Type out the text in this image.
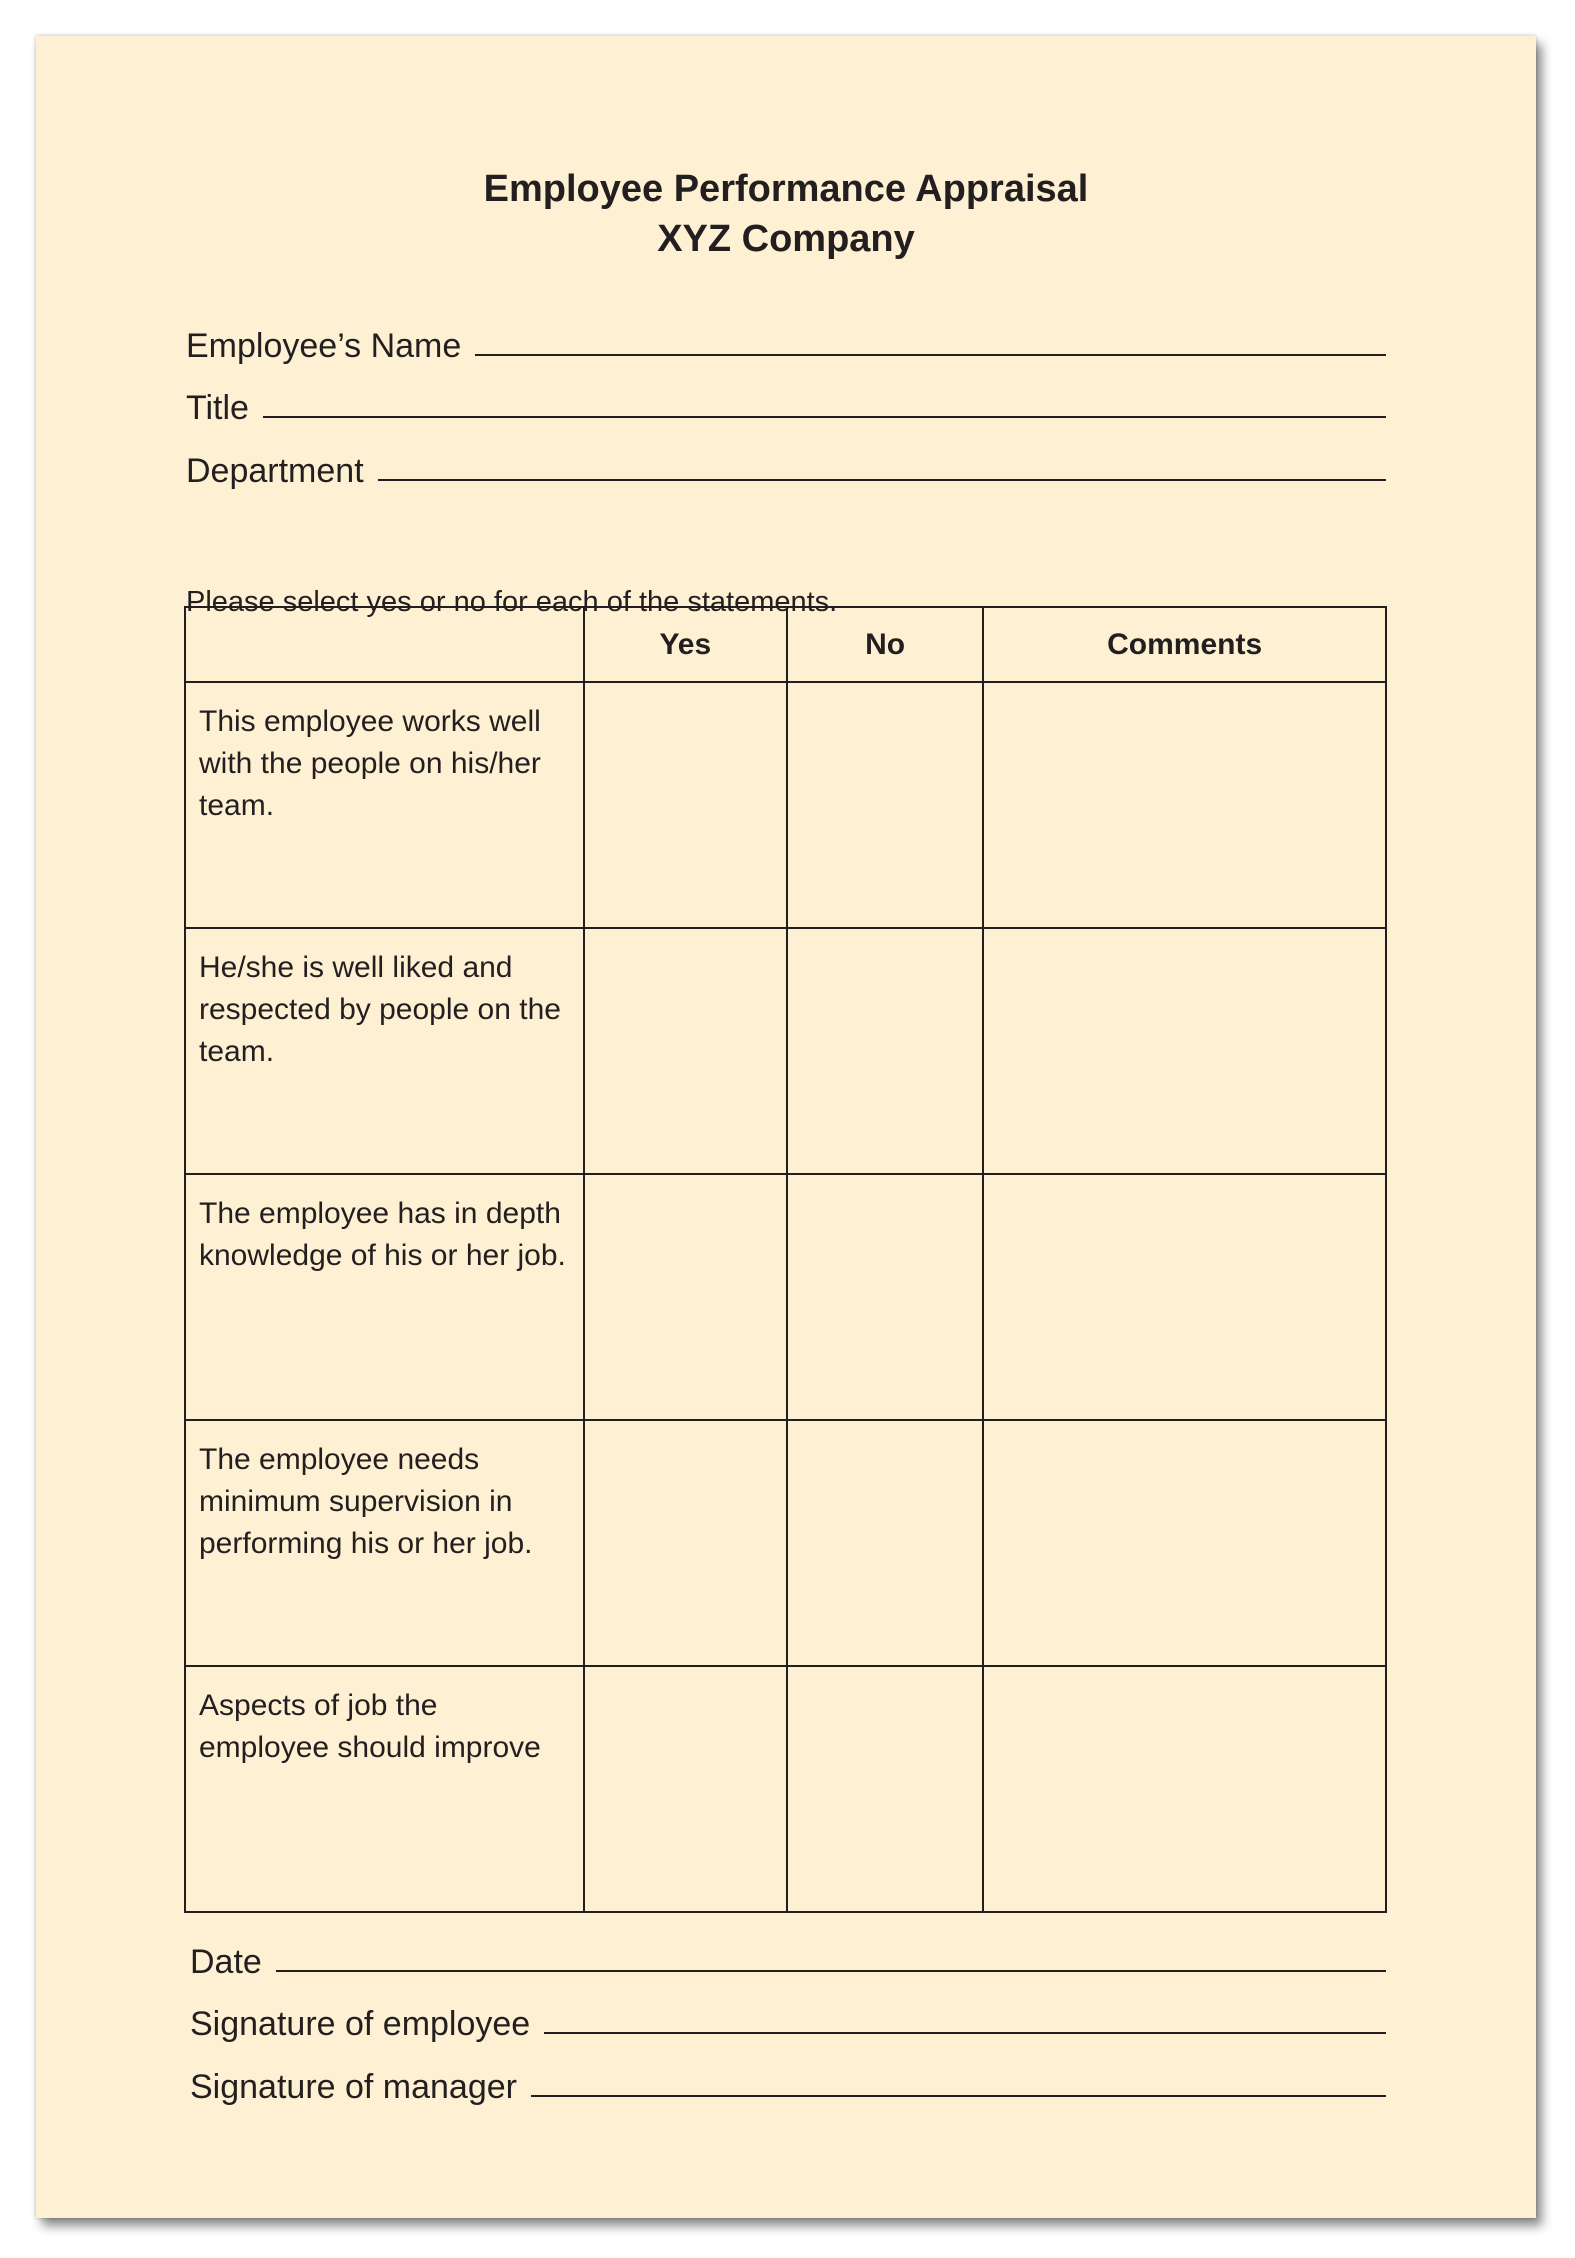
Employee Performance Appraisal
XYZ Company
Employee’s Name
Title
Department
Please select yes or no for each of the statements.
	Yes	No	Comments
This employee works well with the people on his/her team.			
He/she is well liked and respected by people on the team.			
The employee has in depth knowledge of his or her job.			
The employee needs minimum supervision in performing his or her job.			
Aspects of job the employee should improve			
Date
Signature of employee
Signature of manager
